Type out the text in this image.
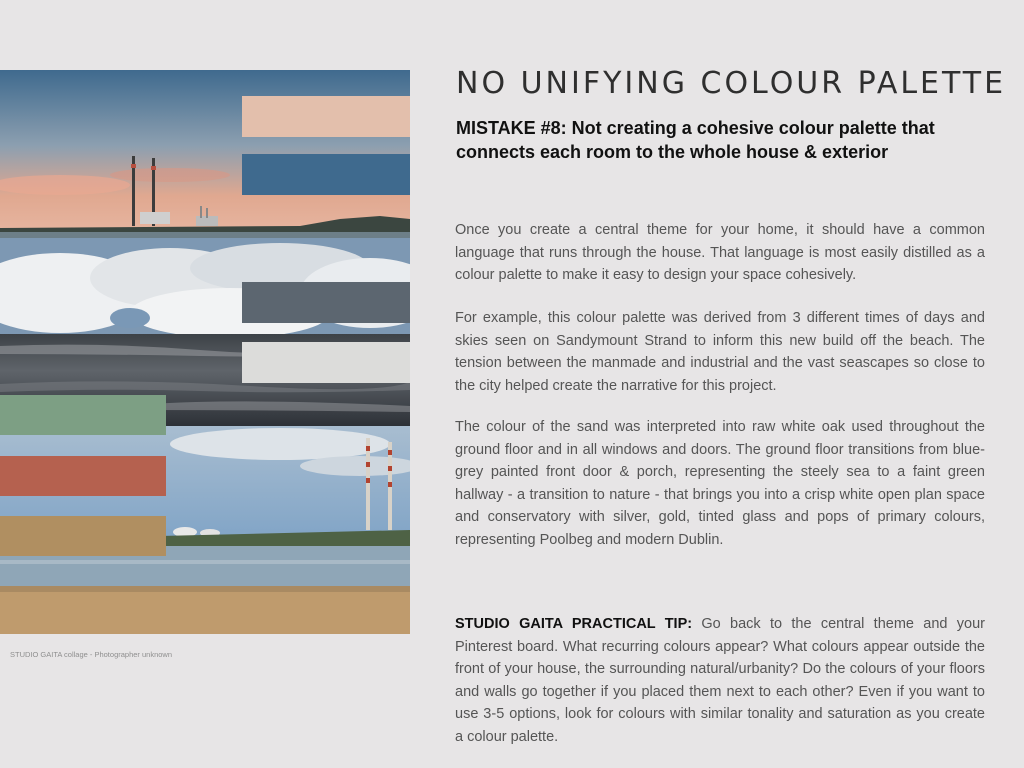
STUDIO GAITA collage - Photographer unknown
NO UNIFYING COLOUR PALETTE
MISTAKE #8: Not creating a cohesive colour palette that connects each room to the whole house & exterior

Once you create a central theme for your home, it should have a common language that runs through the house. That language is most easily distilled as a colour palette to make it easy to design your space cohesively.

For example, this colour palette was derived from 3 different times of days and skies seen on Sandymount Strand to inform this new build off the beach. The tension between the manmade and industrial and the vast seascapes so close to the city helped create the narrative for this project.

The colour of the sand was interpreted into raw white oak used throughout the ground floor and in all windows and doors. The ground floor transitions from blue-grey painted front door & porch, representing the steely sea to a faint green hallway - a transition to nature - that brings you into a crisp white open plan space and conservatory with silver, gold, tinted glass and pops of primary colours, representing Poolbeg and modern Dublin.

STUDIO GAITA PRACTICAL TIP: Go back to the central theme and your Pinterest board. What recurring colours appear? What colours appear outside the front of your house, the surrounding natural/urbanity? Do the colours of your floors and walls go together if you placed them next to each other? Even if you want to use 3-5 options, look for colours with similar tonality and saturation as you create a colour palette.
